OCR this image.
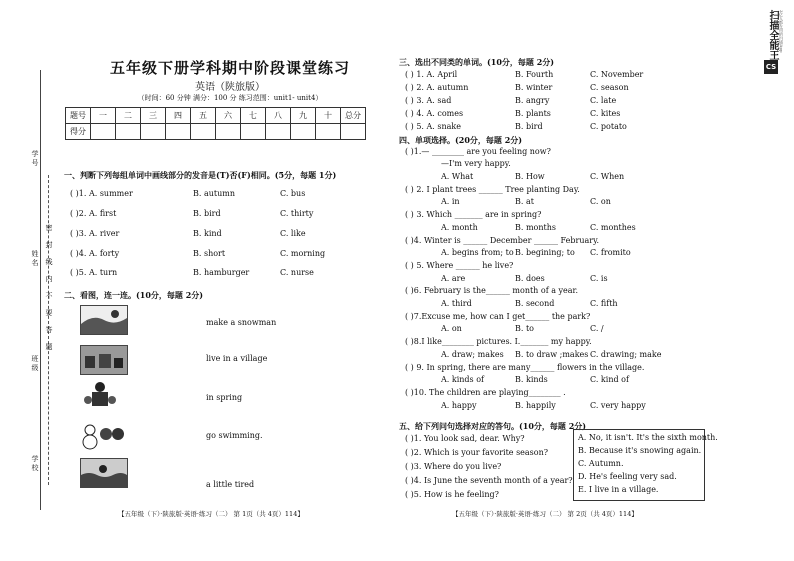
学号
姓名
班级
学校
密
封
线
内
不
要
答
题
五年级下册学科期中阶段课堂练习
英语（陕旅版）
（时间：60 分钟 满分：100 分 练习范围：unit1- unit4）
题号	一	二	三	四	五	六	七	八	九	十	总分
得分											
一、判断下列每组单词中画线部分的发音是(T)否(F)相同。(5分，每题 1分)
( )1. A. summer	B. autumn	C. bus
( )2. A. first	B. bird	C. thirty
( )3. A. river	B. kind	C. like
( )4. A. forty	B. short	C. morning
( )5. A. turn	B. hamburger	C. nurse
二、看图，连一连。(10分，每题 2分)
make a snowman
live in a village
in spring
go swimming.
a little tired
【五年级（下）·陕旅版·英语·练习（二） 第 1页（共 4页）114】
三、选出不同类的单词。(10分，每题 2分)
( ) 1. A. April	B. Fourth	C. November
( ) 2. A. autumn	B. winter	C. season
( ) 3. A. sad	B. angry	C. late
( ) 4. A. comes	B. plants	C. kites
( ) 5. A. snake	B. bird	C. potato
四、单项选择。(20分，每题 2分)
( )1.— ________ are you feeling now?
—I'm very happy.
A. What	B. How	C. When
( ) 2. I plant trees ______ Tree planting Day.
A. in	B. at	C. on
( ) 3. Which _______ are in spring?
A. month	B. months	C. monthes
( )4. Winter is ______ December ______ February.
A. begins from; to B. begining; to C. fromito
( ) 5. Where ______ he live?
A. are	B. does	C. is
( )6. February is the______ month of a year.
A. third	B. second	C. fifth
( )7.Excuse me, how can I get______ the park?
A. on	B. to	C. /
( )8.I like________ pictures. I._______ my happy.
A. draw; makes B. to draw ;makes C. drawing; make
( ) 9. In spring, there are many______ flowers in the village.
A. kinds of	B. kinds	C. kind of
( )10. The children are playing________ .
A. happy	B. happily	C. very happy
五、给下列问句选择对应的答句。(10分，每题 2分)
( )1. You look sad, dear. Why?
( )2. Which is your favorite season?
( )3. Where do you live?
( )4. Is June the seventh month of a year?
( )5. How is he feeling?
A. No, it isn't. It's the sixth month.
B. Because it's snowing again.
C. Autumn.
D. He's feeling very sad.
E. I live in a village.
【五年级（下）·陕旅版·英语·练习（二） 第 2页（共 4页）114】
扫描全能王 3亿人都在用的扫描App
CS
